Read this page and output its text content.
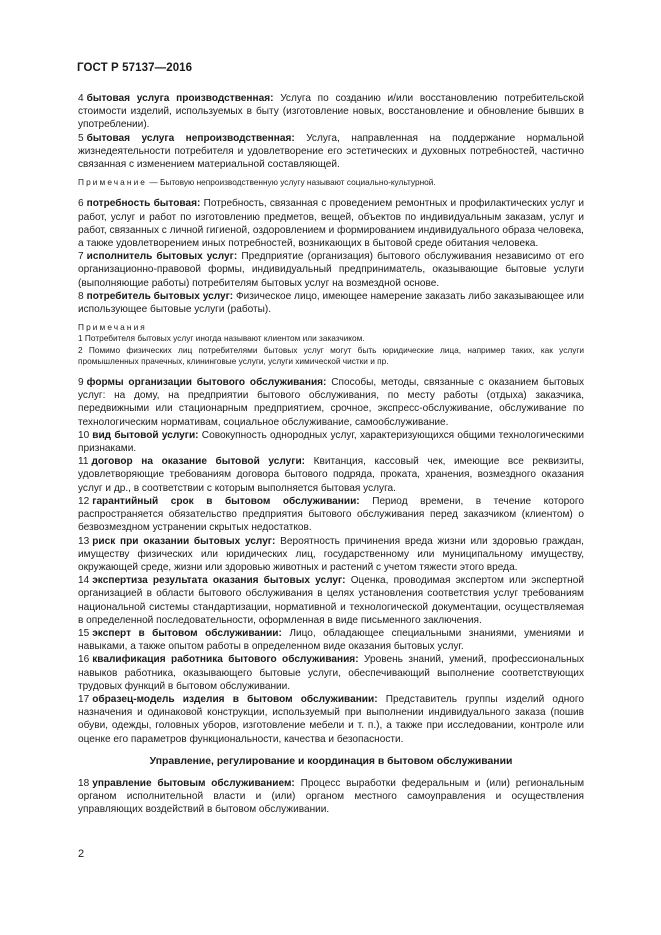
ГОСТ Р 57137—2016

4 бытовая услуга производственная: Услуга по созданию и/или восстановлению потребительской стоимости изделий, используемых в быту (изготовление новых, восстановление и обновление бывших в употреблении).

5 бытовая услуга непроизводственная: Услуга, направленная на поддержание нормальной жизнедеятельности потребителя и удовлетворение его эстетических и духовных потребностей, частично связанная с изменением материальной составляющей.

Примечание — Бытовую непроизводственную услугу называют социально-культурной.

6 потребность бытовая: Потребность, связанная с проведением ремонтных и профилактических услуг и работ, услуг и работ по изготовлению предметов, вещей, объектов по индивидуальным заказам, услуг и работ, связанных с личной гигиеной, оздоровлением и формированием индивидуального образа человека, а также удовлетворением иных потребностей, возникающих в бытовой среде обитания человека.

7 исполнитель бытовых услуг: Предприятие (организация) бытового обслуживания независимо от его организационно-правовой формы, индивидуальный предприниматель, оказывающие бытовые услуги (выполняющие работы) потребителям бытовых услуг на возмездной основе.

8 потребитель бытовых услуг: Физическое лицо, имеющее намерение заказать либо заказывающее или использующее бытовые услуги (работы).

Примечания

1 Потребителя бытовых услуг иногда называют клиентом или заказчиком.

2 Помимо физических лиц потребителями бытовых услуг могут быть юридические лица, например таких, как услуги промышленных прачечных, клининговые услуги, услуги химической чистки и пр.

9 формы организации бытового обслуживания: Способы, методы, связанные с оказанием бытовых услуг: на дому, на предприятии бытового обслуживания, по месту работы (отдыха) заказчика, передвижными или стационарным предприятием, срочное, экспресс-обслуживание, обслуживание по технологическим нормативам, социальное обслуживание, самообслуживание.

10 вид бытовой услуги: Совокупность однородных услуг, характеризующихся общими технологическими признаками.

11 договор на оказание бытовой услуги: Квитанция, кассовый чек, имеющие все реквизиты, удовлетворяющие требованиям договора бытового подряда, проката, хранения, возмездного оказания услуг и др., в соответствии с которым выполняется бытовая услуга.

12 гарантийный срок в бытовом обслуживании: Период времени, в течение которого распространяется обязательство предприятия бытового обслуживания перед заказчиком (клиентом) о безвозмездном устранении скрытых недостатков.

13 риск при оказании бытовых услуг: Вероятность причинения вреда жизни или здоровью граждан, имуществу физических или юридических лиц, государственному или муниципальному имуществу, окружающей среде, жизни или здоровью животных и растений с учетом тяжести этого вреда.

14 экспертиза результата оказания бытовых услуг: Оценка, проводимая экспертом или экспертной организацией в области бытового обслуживания в целях установления соответствия услуг требованиям национальной системы стандартизации, нормативной и технологической документации, осуществляемая в определенной последовательности, оформленная в виде письменного заключения.

15 эксперт в бытовом обслуживании: Лицо, обладающее специальными знаниями, умениями и навыками, а также опытом работы в определенном виде оказания бытовых услуг.

16 квалификация работника бытового обслуживания: Уровень знаний, умений, профессиональных навыков работника, оказывающего бытовые услуги, обеспечивающий выполнение соответствующих трудовых функций в бытовом обслуживании.

17 образец-модель изделия в бытовом обслуживании: Представитель группы изделий одного назначения и одинаковой конструкции, используемый при выполнении индивидуального заказа (пошив обуви, одежды, головных уборов, изготовление мебели и т. п.), а также при исследовании, контроле или оценке его параметров функциональности, качества и безопасности.

Управление, регулирование и координация в бытовом обслуживании

18 управление бытовым обслуживанием: Процесс выработки федеральным и (или) региональным органом исполнительной власти и (или) органом местного самоуправления и осуществления управляющих воздействий в бытовом обслуживании.

2
